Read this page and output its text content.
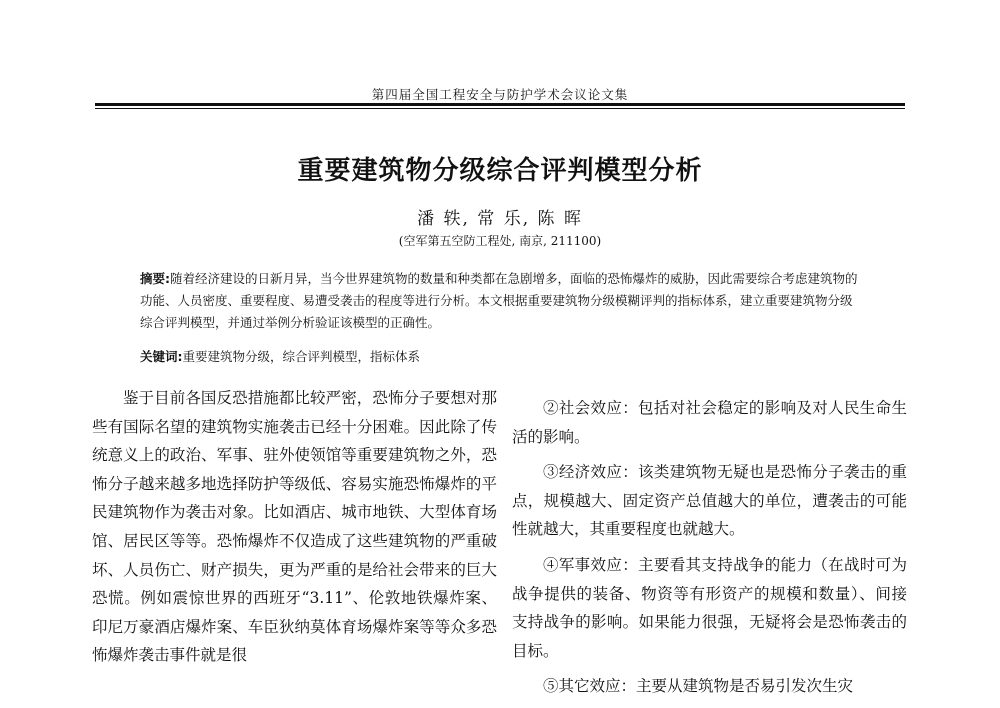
第四届全国工程安全与防护学术会议论文集
重要建筑物分级综合评判模型分析
潘 轶, 常 乐, 陈 晖
(空军第五空防工程处, 南京, 211100)
摘要:随着经济建设的日新月异，当今世界建筑物的数量和种类都在急剧增多，面临的恐怖爆炸的威胁，因此需要综合考虑建筑物的功能、人员密度、重要程度、易遭受袭击的程度等进行分析。本文根据重要建筑物分级模糊评判的指标体系，建立重要建筑物分级综合评判模型，并通过举例分析验证该模型的正确性。
关键词:重要建筑物分级，综合评判模型，指标体系
鉴于目前各国反恐措施都比较严密，恐怖分子要想对那些有国际名望的建筑物实施袭击已经十分困难。因此除了传统意义上的政治、军事、驻外使领馆等重要建筑物之外，恐怖分子越来越多地选择防护等级低、容易实施恐怖爆炸的平民建筑物作为袭击对象。比如酒店、城市地铁、大型体育场馆、居民区等等。恐怖爆炸不仅造成了这些建筑物的严重破坏、人员伤亡、财产损失，更为严重的是给社会带来的巨大恐慌。例如震惊世界的西班牙“3.11”、伦敦地铁爆炸案、印尼万豪酒店爆炸案、车臣狄纳莫体育场爆炸案等等众多恐怖爆炸袭击事件就是很

②社会效应：包括对社会稳定的影响及对人民生命生活的影响。

③经济效应：该类建筑物无疑也是恐怖分子袭击的重点，规模越大、固定资产总值越大的单位，遭袭击的可能性就越大，其重要程度也就越大。

④军事效应：主要看其支持战争的能力（在战时可为战争提供的装备、物资等有形资产的规模和数量）、间接支持战争的影响。如果能力很强，无疑将会是恐怖袭击的目标。

⑤其它效应：主要从建筑物是否易引发次生灾
